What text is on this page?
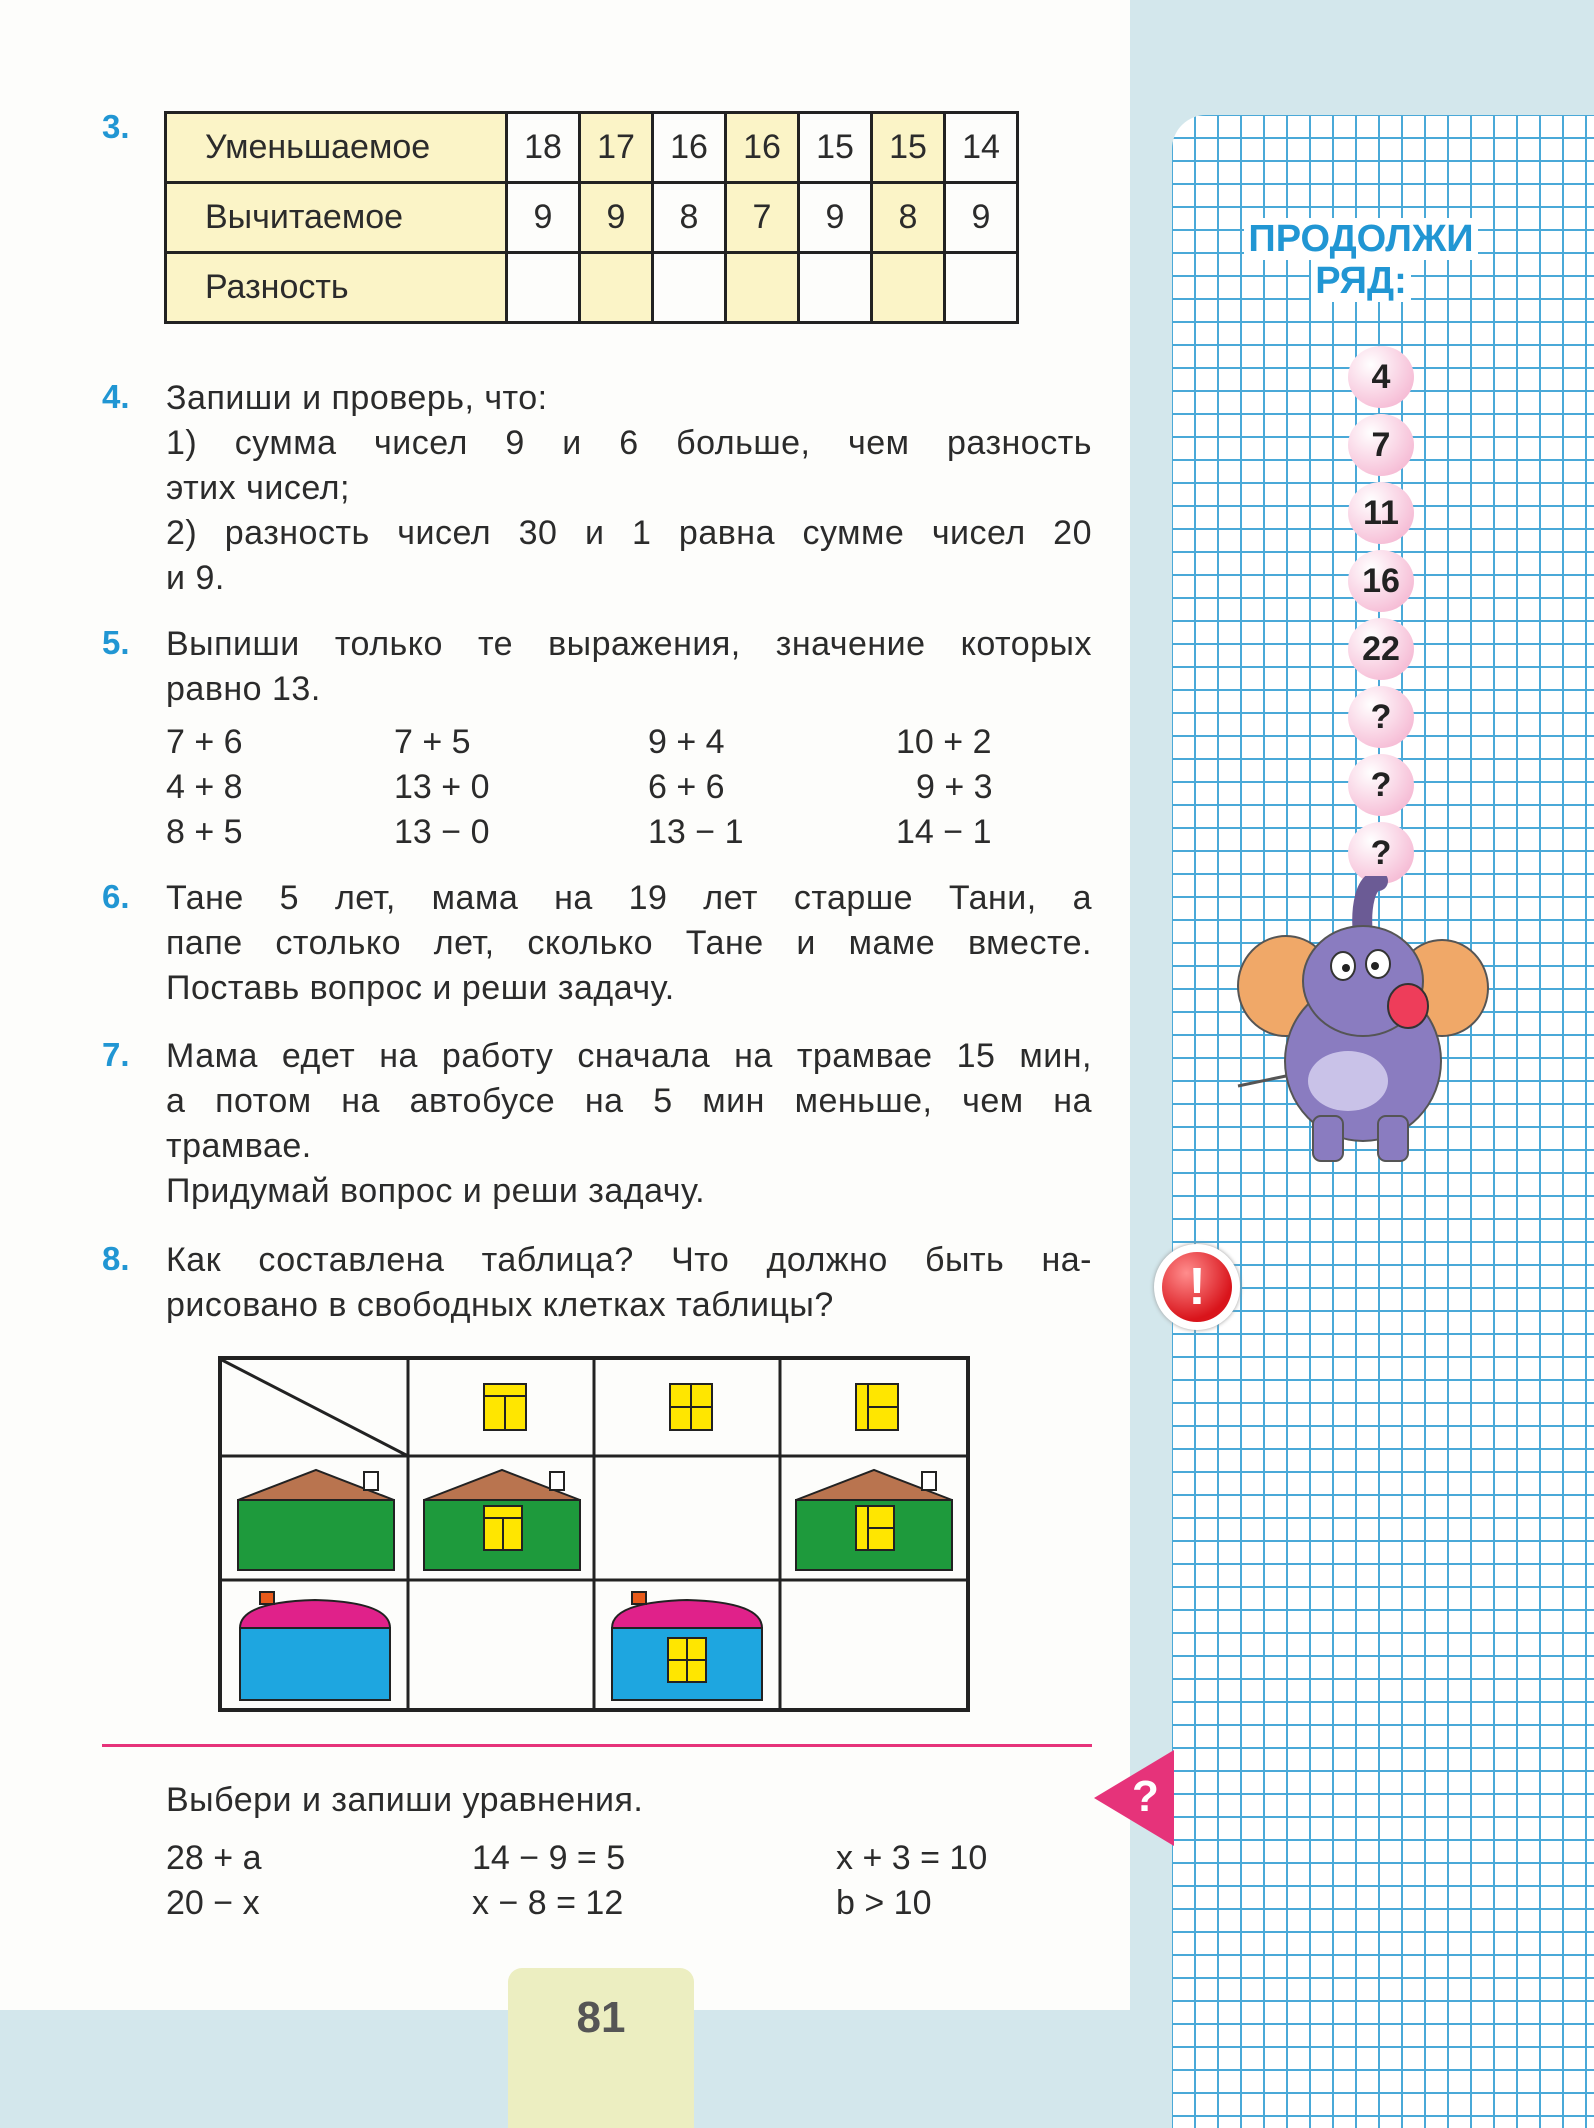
3.
Уменьшаемое	18	17	16	16	15	15	14
Вычитаемое	9	9	8	7	9	8	9
Разность							
4. Запиши и проверь, что:
1) сумма чисел 9 и 6 больше, чем разность
этих чисел;
2) разность чисел 30 и 1 равна сумме чисел 20
и 9.
5. Выпиши только те выражения, значение которых
равно 13.
7 + 6	7 + 5	9 + 4	10 + 2
4 + 8	13 + 0	6 + 6	9 + 3
8 + 5	13 − 0	13 − 1	14 − 1
6. Тане 5 лет, мама на 19 лет старше Тани, а
папе столько лет, сколько Тане и маме вместе.
Поставь вопрос и реши задачу.
7. Мама едет на работу сначала на трамвае 15 мин,
а потом на автобусе на 5 мин меньше, чем на
трамвае.
Придумай вопрос и реши задачу.
8. Как составлена таблица? Что должно быть на-
рисовано в свободных клетках таблицы?
Выбери и запиши уравнения.
28 + a	14 − 9 = 5	x + 3 = 10
20 − x	x − 8 = 12	b > 10
81
ПРОДОЛЖИ
РЯД:
4
7
11
16
22
?
?
?
!
?
